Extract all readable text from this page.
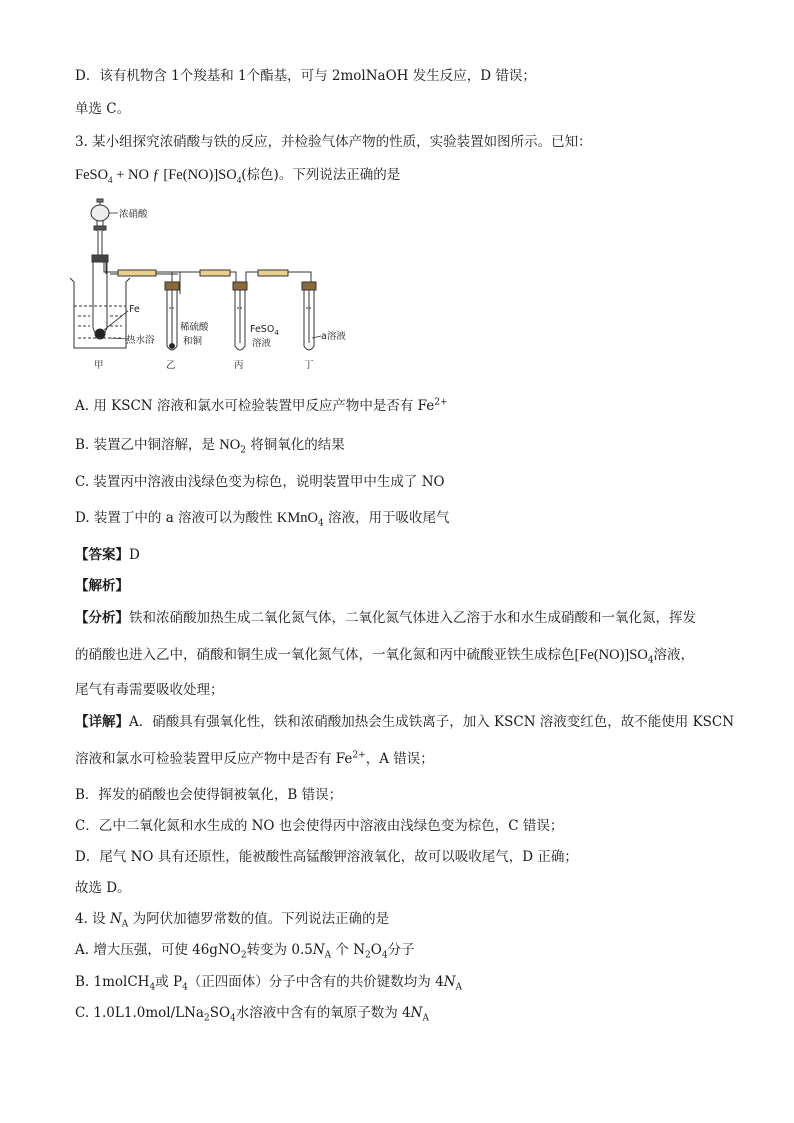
D．该有机物含 1个羧基和 1个酯基，可与 2molNaOH 发生反应，D 错误；
单选 C。
3. 某小组探究浓硝酸与铁的反应，并检验气体产物的性质，实验装置如图所示。已知：
FeSO$_4$ + NO ƒ $[Fe(NO)]SO_4$(棕色)。下列说法正确的是
浓硝酸
Fe
热水浴
甲
稀硫酸
和铜
乙
FeSO$_4$
溶液
丙
a溶液
丁
A. 用 KSCN 溶液和氯水可检验装置甲反应产物中是否有 $Fe^{2+}$
B. 装置乙中铜溶解，是 $NO_2$ 将铜氧化的结果
C. 装置丙中溶液由浅绿色变为棕色，说明装置甲中生成了 NO
D. 装置丁中的 a 溶液可以为酸性 KMnO$_4$ 溶液，用于吸收尾气
【答案】D
【解析】
【分析】铁和浓硝酸加热生成二氧化氮气体，二氧化氮气体进入乙溶于水和水生成硝酸和一氧化氮，挥发
的硝酸也进入乙中，硝酸和铜生成一氧化氮气体，一氧化氮和丙中硫酸亚铁生成棕色$[Fe(NO)]SO_4$溶液，
尾气有毒需要吸收处理；
【详解】A．硝酸具有强氧化性，铁和浓硝酸加热会生成铁离子，加入 KSCN 溶液变红色，故不能使用 KSCN
溶液和氯水可检验装置甲反应产物中是否有 $Fe^{2+}$，A 错误；
B．挥发的硝酸也会使得铜被氧化，B 错误；
C．乙中二氧化氮和水生成的 NO 也会使得丙中溶液由浅绿色变为棕色，C 错误；
D．尾气 NO 具有还原性，能被酸性高锰酸钾溶液氧化，故可以吸收尾气，D 正确；
故选 D。
4. 设 $N_A$ 为阿伏加德罗常数的值。下列说法正确的是
A. 增大压强，可使 46gNO$_2$转变为 $0.5N_A$ 个 $N_2O_4$分子
B. 1molCH$_4$或 $P_4$（正四面体）分子中含有的共价键数均为 $4N_A$
C. $1.0L1.0mol/LNa_2SO_4$水溶液中含有的氧原子数为 $4N_A$
